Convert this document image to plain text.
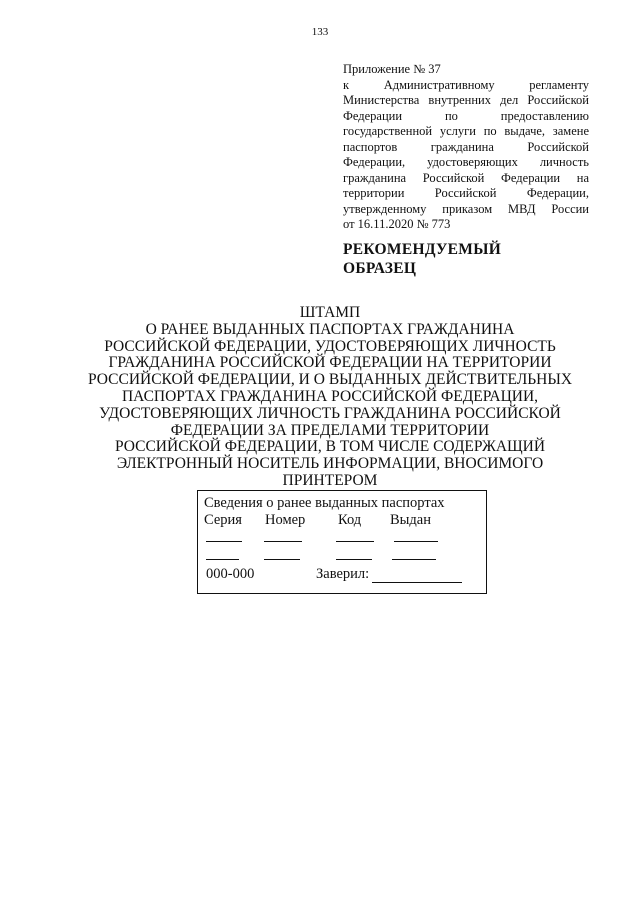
133
Приложение № 37
к Административному регламенту
Министерства внутренних дел Российской
Федерации по предоставлению
государственной услуги по выдаче, замене
паспортов гражданина Российской
Федерации, удостоверяющих личность
гражданина Российской Федерации на
территории Российской Федерации,
утвержденному приказом МВД России
от 16.11.2020 № 773
РЕКОМЕНДУЕМЫЙ
ОБРАЗЕЦ
ШТАМП
О РАНЕЕ ВЫДАННЫХ ПАСПОРТАХ ГРАЖДАНИНА
РОССИЙСКОЙ ФЕДЕРАЦИИ, УДОСТОВЕРЯЮЩИХ ЛИЧНОСТЬ
ГРАЖДАНИНА РОССИЙСКОЙ ФЕДЕРАЦИИ НА ТЕРРИТОРИИ
РОССИЙСКОЙ ФЕДЕРАЦИИ, И О ВЫДАННЫХ ДЕЙСТВИТЕЛЬНЫХ
ПАСПОРТАХ ГРАЖДАНИНА РОССИЙСКОЙ ФЕДЕРАЦИИ,
УДОСТОВЕРЯЮЩИХ ЛИЧНОСТЬ ГРАЖДАНИНА РОССИЙСКОЙ
ФЕДЕРАЦИИ ЗА ПРЕДЕЛАМИ ТЕРРИТОРИИ
РОССИЙСКОЙ ФЕДЕРАЦИИ, В ТОМ ЧИСЛЕ СОДЕРЖАЩИЙ
ЭЛЕКТРОННЫЙ НОСИТЕЛЬ ИНФОРМАЦИИ, ВНОСИМОГО
ПРИНТЕРОМ
Сведения о ранее выданных паспортах
Серия Номер Код Выдан
000-000	Заверил:
